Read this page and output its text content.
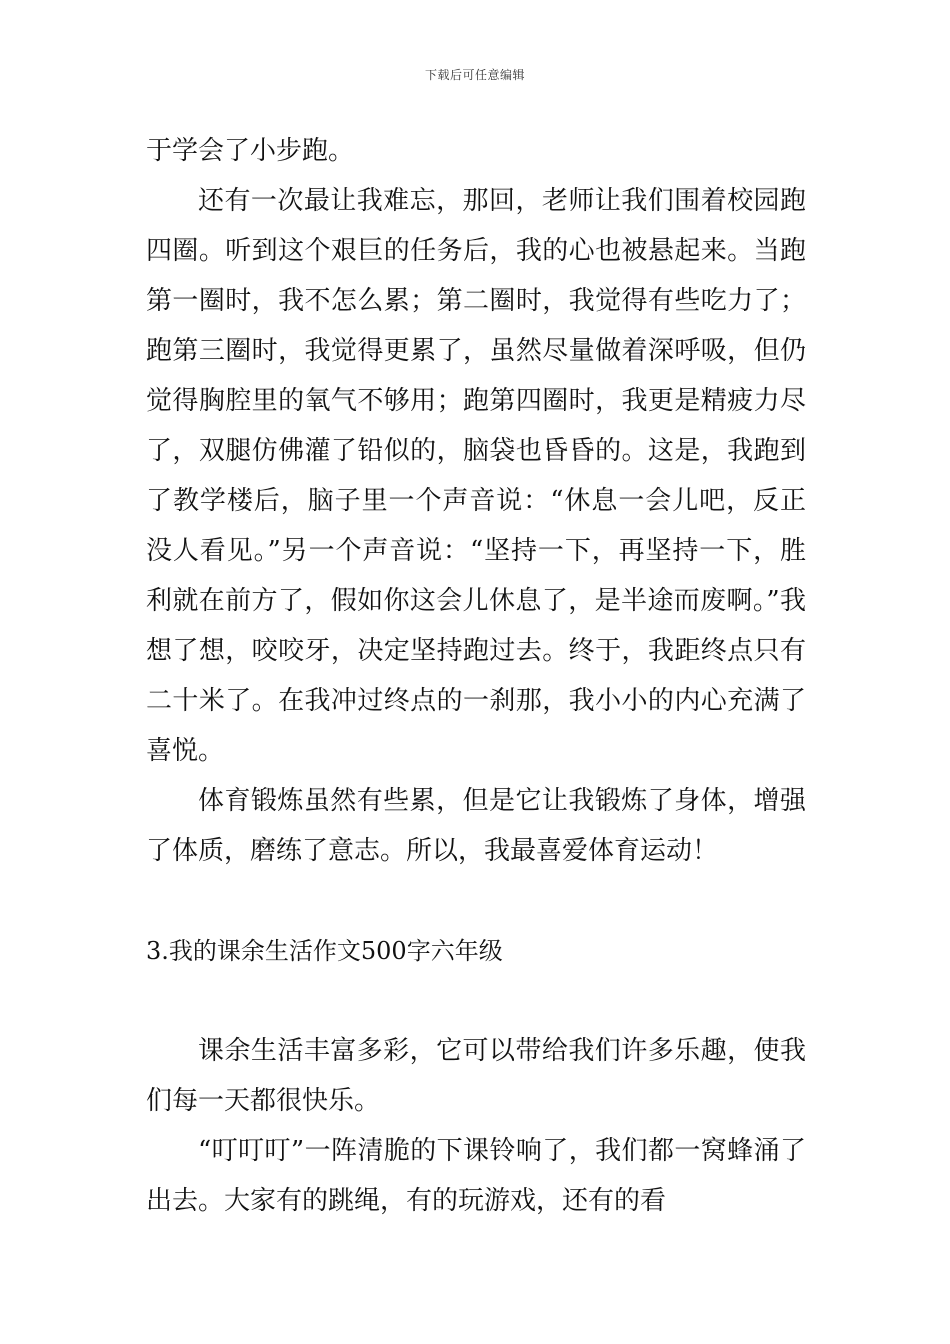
下载后可任意编辑

于学会了小步跑。

还有一次最让我难忘，那回，老师让我们围着校园跑四圈。听到这个艰巨的任务后，我的心也被悬起来。当跑第一圈时，我不怎么累；第二圈时，我觉得有些吃力了；跑第三圈时，我觉得更累了，虽然尽量做着深呼吸，但仍觉得胸腔里的氧气不够用；跑第四圈时，我更是精疲力尽了，双腿仿佛灌了铅似的，脑袋也昏昏的。这是，我跑到了教学楼后，脑子里一个声音说：“休息一会儿吧，反正没人看见。”另一个声音说：“坚持一下，再坚持一下，胜利就在前方了，假如你这会儿休息了，是半途而废啊。”我想了想，咬咬牙，决定坚持跑过去。终于，我距终点只有二十米了。在我冲过终点的一刹那，我小小的内心充满了喜悦。

体育锻炼虽然有些累，但是它让我锻炼了身体，增强了体质，磨练了意志。所以，我最喜爱体育运动！

3.我的课余生活作文500字六年级

课余生活丰富多彩，它可以带给我们许多乐趣，使我们每一天都很快乐。

“叮叮叮”一阵清脆的下课铃响了，我们都一窝蜂涌了出去。大家有的跳绳，有的玩游戏，还有的看
